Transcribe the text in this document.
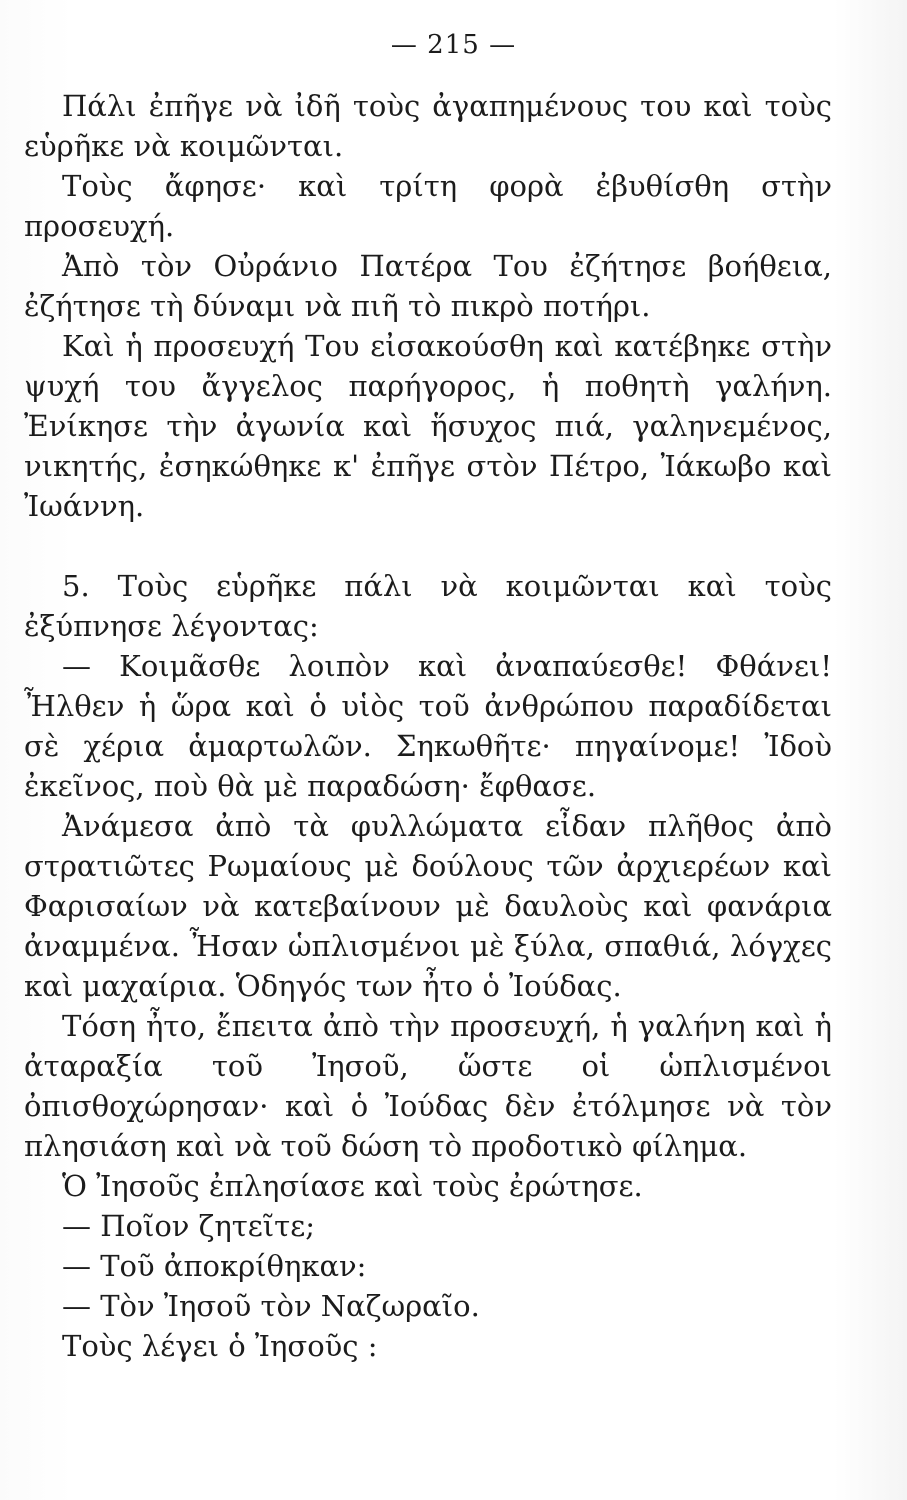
— 215 —

Πάλι ἐπῆγε νὰ ἰδῆ τοὺς ἀγαπημένους του καὶ τοὺς εὑρῆκε νὰ κοιμῶνται.

Τοὺς ἄφησε· καὶ τρίτη φορὰ ἐβυθίσθη στὴν προσευχή.

Ἀπὸ τὸν Οὐράνιο Πατέρα Του ἐζήτησε βοήθεια, ἐζήτησε τὴ δύναμι νὰ πιῆ τὸ πικρὸ ποτήρι.

Καὶ ἡ προσευχή Του εἰσακούσθη καὶ κατέβηκε στὴν ψυχή του ἄγγελος παρήγορος, ἡ ποθητὴ γαλήνη. Ἐνίκησε τὴν ἀγωνία καὶ ἥσυχος πιά, γαληνεμένος, νικητής, ἐσηκώθηκε κ' ἐπῆγε στὸν Πέτρο, Ἰάκωβο καὶ Ἰωάννη.

5. Τοὺς εὑρῆκε πάλι νὰ κοιμῶνται καὶ τοὺς ἐξύπνησε λέγοντας:

— Κοιμᾶσθε λοιπὸν καὶ ἀναπαύεσθε! Φθάνει! Ἦλθεν ἡ ὥρα καὶ ὁ υἱὸς τοῦ ἀνθρώπου παραδίδεται σὲ χέρια ἁμαρτωλῶν. Σηκωθῆτε· πηγαίνομε! Ἰδοὺ ἐκεῖνος, ποὺ θὰ μὲ παραδώση· ἔφθασε.

Ἀνάμεσα ἀπὸ τὰ φυλλώματα εἶδαν πλῆθος ἀπὸ στρατιῶτες Ρωμαίους μὲ δούλους τῶν ἀρχιερέων καὶ Φαρισαίων νὰ κατεβαίνουν μὲ δαυλοὺς καὶ φανάρια ἀναμμένα. Ἦσαν ὡπλισμένοι μὲ ξύλα, σπαθιά, λόγχες καὶ μαχαίρια. Ὁδηγός των ἦτο ὁ Ἰούδας.

Τόση ἦτο, ἔπειτα ἀπὸ τὴν προσευχή, ἡ γαλήνη καὶ ἡ ἀταραξία τοῦ Ἰησοῦ, ὥστε οἱ ὡπλισμένοι ὀπισθοχώρησαν· καὶ ὁ Ἰούδας δὲν ἐτόλμησε νὰ τὸν πλησιάση καὶ νὰ τοῦ δώση τὸ προδοτικὸ φίλημα.

Ὁ Ἰησοῦς ἐπλησίασε καὶ τοὺς ἐρώτησε.

— Ποῖον ζητεῖτε;

— Τοῦ ἀποκρίθηκαν:

— Τὸν Ἰησοῦ τὸν Ναζωραῖο.

Τοὺς λέγει ὁ Ἰησοῦς :
